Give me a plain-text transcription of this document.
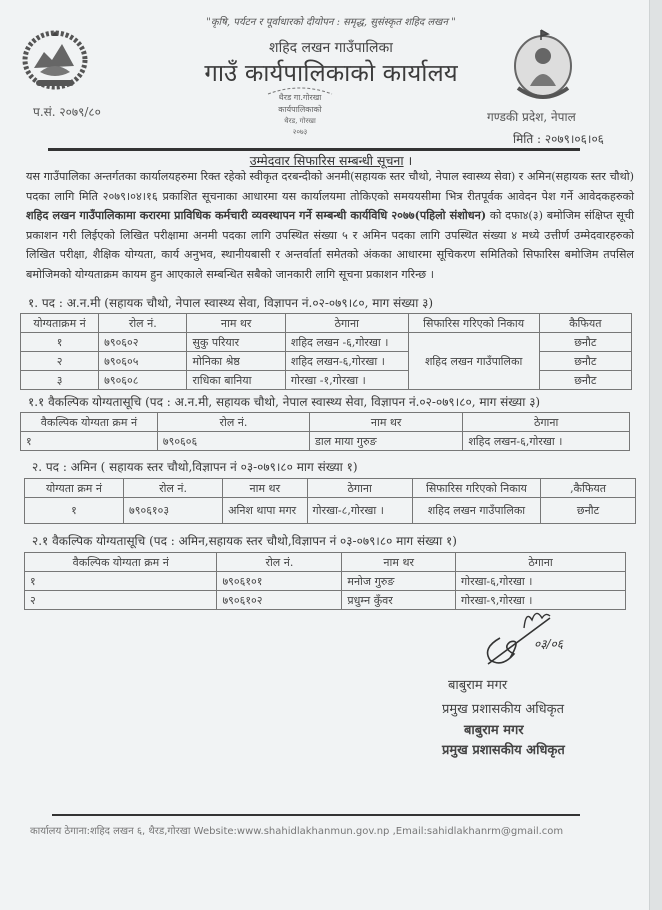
"कृषि, पर्यटन र पूर्वाधारको दीयोपन : समृद्ध, सुसंस्कृत शहिद लखन "
शहिद लखन गाउँपालिका
गाउँ कार्यपालिकाको कार्यालय
थैरड गा.गोरखा
कार्यपालिकाको
थैरड, गोरखा
२०७३
प.सं. २०७९/८०	गण्डकी प्रदेश, नेपाल
मिति : २०७९।०६।०६
उम्मेदवार सिफारिस सम्बन्धी सूचना ।
यस गाउँपालिका अन्तर्गतका कार्यालयहरुमा रिक्त रहेको स्वीकृत दरबन्दीको अनमी(सहायक स्तर चौथो, नेपाल स्वास्थ्य सेवा) र अमिन(सहायक स्तर चौथो) पदका लागि मिति २०७९।०४।१६ प्रकाशित सूचनाका आधारमा यस कार्यालयमा तोकिएको समययसीमा भित्र रीतपूर्वक आवेदन पेश गर्ने आवेदकहरुको शहिद लखन गाउँपालिकामा करारमा प्राविधिक कर्मचारी व्यवस्थापन गर्ने सम्बन्धी कार्यविधि २०७७(पहिलो संशोधन) को दफा४(३) बमोजिम संक्षिप्त सूची प्रकाशन गरी लिईएको लिखित परीक्षामा अनमी पदका लागि उपस्थित संख्या ५ र अमिन पदका लागि उपस्थित संख्या ४ मध्ये उत्तीर्ण उम्मेदवारहरुको लिखित परीक्षा, शैक्षिक योग्यता, कार्य अनुभव, स्थानीयबासी र अन्तर्वार्ता समेतको अंकका आधारमा सूचिकरण समितिको सिफारिस बमोजिम तपसिल बमोजिमको योग्यताक्रम कायम हुन आएकाले सम्बन्धित सबैको जानकारी लागि सूचना प्रकाशन गरिन्छ ।
१. पद : अ.न.मी (सहायक चौथो, नेपाल स्वास्थ्य सेवा, विज्ञापन नं.०२-०७९।८०, माग संख्या ३)
योग्यताक्रम नं	रोल नं.	नाम थर	ठेगाना	सिफारिस गरिएको निकाय	कैफियत
१	७९०६०२	सुकु परियार	शहिद लखन -६,गोरखा ।	शहिद लखन गाउँपालिका	छनौट
२	७९०६०५	मोनिका श्रेष्ठ	शहिद लखन-६,गोरखा ।		छनौट
३	७९०६०८	राधिका बानिया	गोरखा -१,गोरखा ।		छनौट
१.१ वैकल्पिक योग्यतासूचि (पद : अ.न.मी, सहायक चौथो, नेपाल स्वास्थ्य सेवा, विज्ञापन नं.०२-०७९।८०, माग संख्या ३)
वैकल्पिक योग्यता क्रम नं	रोल नं.	नाम थर	ठेगाना
१	७९०६०६	डाल माया गुरुङ	शहिद लखन-६,गोरखा ।
२. पद : अमिन ( सहायक स्तर चौथो,विज्ञापन नं ०३-०७९।८० माग संख्या १)
योग्यता क्रम नं	रोल नं.	नाम थर	ठेगाना	सिफारिस गरिएको निकाय	,कैफियत
१	७९०६१०३	अनिश थापा मगर	गोरखा-८,गोरखा ।	शहिद लखन गाउँपालिका	छनौट
२.१ वैकल्पिक योग्यतासूचि (पद : अमिन,सहायक स्तर चौथो,विज्ञापन नं ०३-०७९।८० माग संख्या १)
वैकल्पिक योग्यता क्रम नं	रोल नं.	नाम थर	ठेगाना
१	७९०६१०१	मनोज गुरुङ	गोरखा-६,गोरखा ।
२	७९०६१०२	प्रधुम्न कुँवर	गोरखा-९,गोरखा ।
०३/०६
बाबुराम मगर
प्रमुख प्रशासकीय अधिकृत
बाबुराम मगर
प्रमुख प्रशासकीय अधिकृत
कार्यालय ठेगाना:शहिद लखन ६, थैरड,गोरखा Website:www.shahidlakhanmun.gov.np ,Email:sahidlakhanrm@gmail.com
